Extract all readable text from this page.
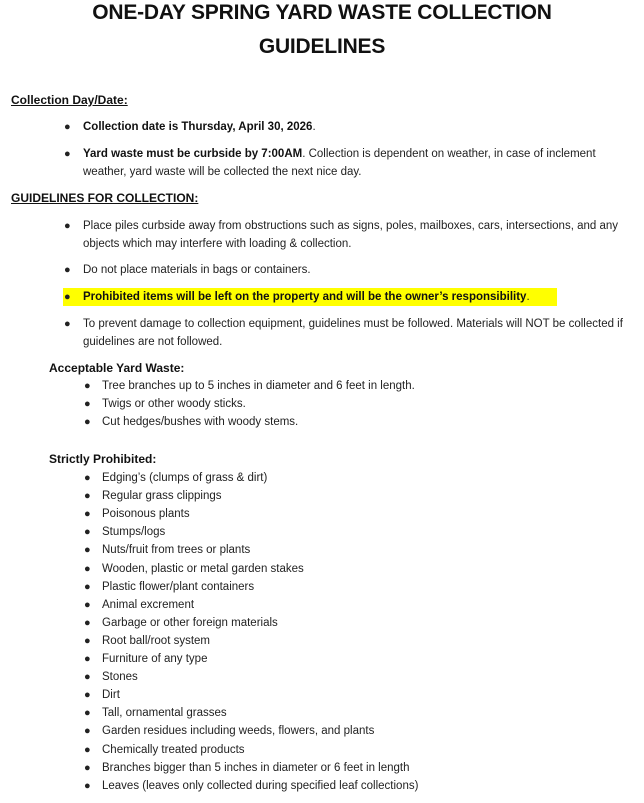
ONE-DAY SPRING YARD WASTE COLLECTION
GUIDELINES
Collection Day/Date:
● Collection date is Thursday, April 30, 2026.
● Yard waste must be curbside by 7:00AM. Collection is dependent on weather, in case of inclement weather, yard waste will be collected the next nice day.
GUIDELINES FOR COLLECTION:
● Place piles curbside away from obstructions such as signs, poles, mailboxes, cars, intersections, and any objects which may interfere with loading & collection.
● Do not place materials in bags or containers.
● Prohibited items will be left on the property and will be the owner’s responsibility.
● To prevent damage to collection equipment, guidelines must be followed. Materials will NOT be collected if guidelines are not followed.
Acceptable Yard Waste:
● Tree branches up to 5 inches in diameter and 6 feet in length.
● Twigs or other woody sticks.
● Cut hedges/bushes with woody stems.
Strictly Prohibited:
● Edging’s (clumps of grass & dirt)
● Regular grass clippings
● Poisonous plants
● Stumps/logs
● Nuts/fruit from trees or plants
● Wooden, plastic or metal garden stakes
● Plastic flower/plant containers
● Animal excrement
● Garbage or other foreign materials
● Root ball/root system
● Furniture of any type
● Stones
● Dirt
● Tall, ornamental grasses
● Garden residues including weeds, flowers, and plants
● Chemically treated products
● Branches bigger than 5 inches in diameter or 6 feet in length
● Leaves (leaves only collected during specified leaf collections)
